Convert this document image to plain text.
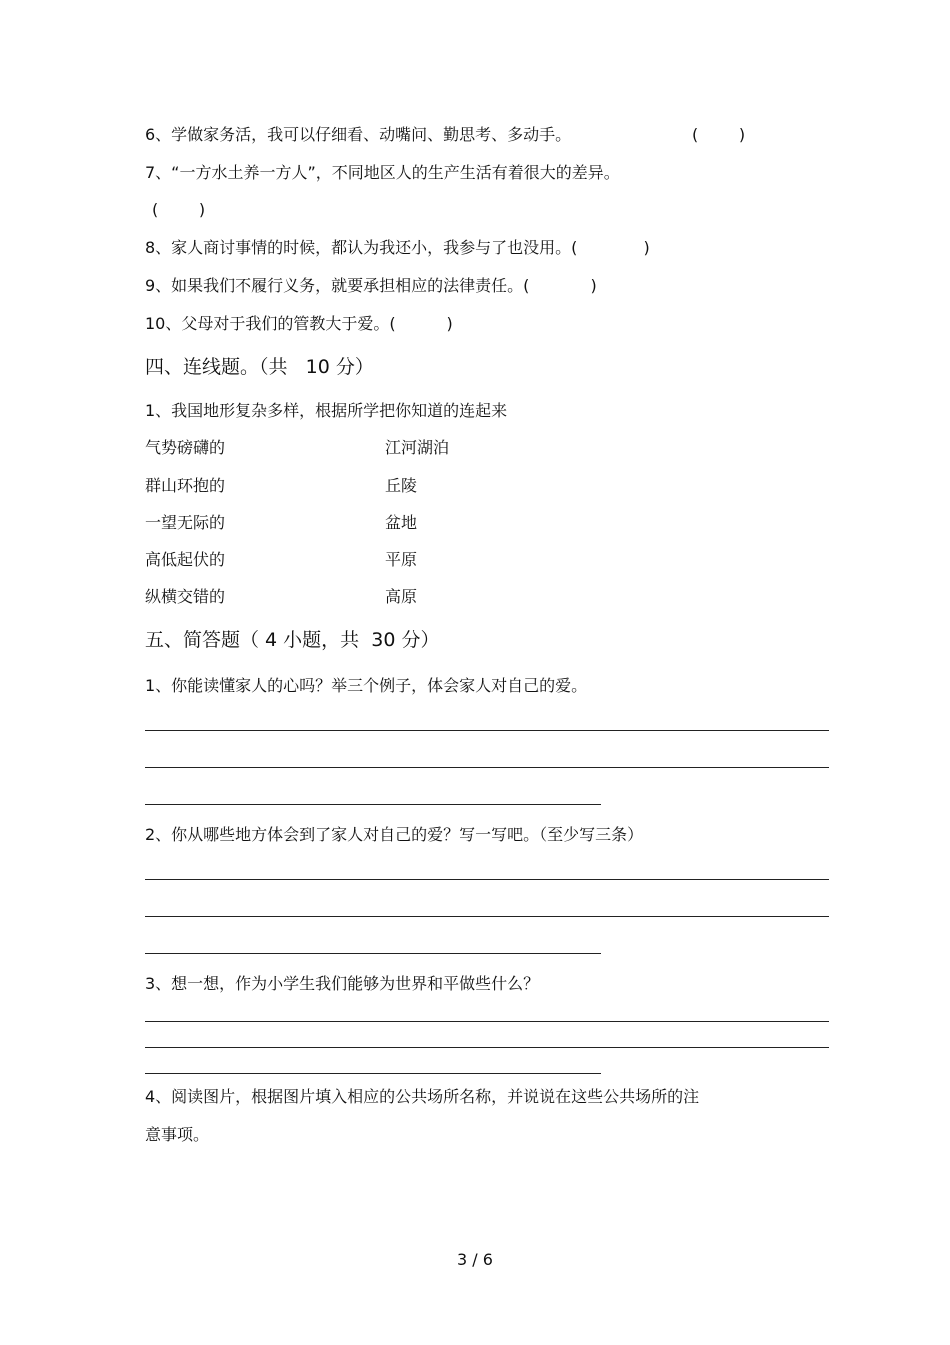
6、学做家务活，我可以仔细看、动嘴问、勤思考、多动手。	(        )
7、“一方水土养一方人”，不同地区人的生产生活有着很大的差异。
(        )
8、家人商讨事情的时候，都认为我还小，我参与了也没用。(             )
9、如果我们不履行义务，就要承担相应的法律责任。(            )
10、父母对于我们的管教大于爱。(          )
四、连线题。（共   10 分）
1、我国地形复杂多样，根据所学把你知道的连起来
气势磅礴的	江河湖泊
群山环抱的	丘陵
一望无际的	盆地
高低起伏的	平原
纵横交错的	高原
五、简答题（ 4 小题，共  30 分）
1、你能读懂家人的心吗？举三个例子，体会家人对自己的爱。
2、你从哪些地方体会到了家人对自己的爱？写一写吧。（至少写三条）
3、想一想，作为小学生我们能够为世界和平做些什么？
4、阅读图片，根据图片填入相应的公共场所名称，并说说在这些公共场所的注
意事项。
3 / 6
